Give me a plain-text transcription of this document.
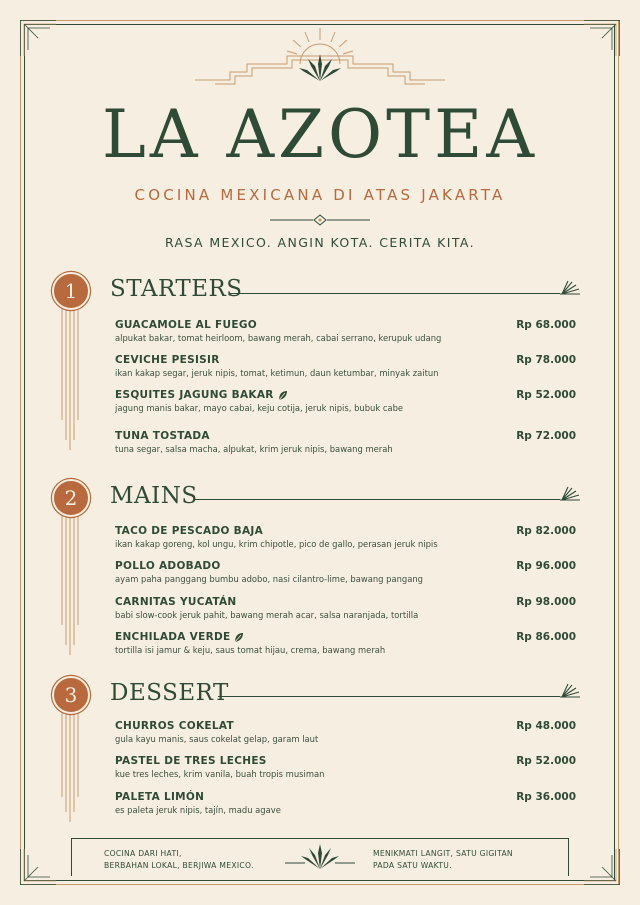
LA AZOTEA
COCINA MEXICANA DI ATAS JAKARTA
RASA MEXICO. ANGIN KOTA. CERITA KITA.
1	STARTERS
GUACAMOLE AL FUEGO	Rp 68.000
alpukat bakar, tomat heirloom, bawang merah, cabai serrano, kerupuk udang
CEVICHE PESISIR	Rp 78.000
ikan kakap segar, jeruk nipis, tomat, ketimun, daun ketumbar, minyak zaitun
ESQUITES JAGUNG BAKAR	Rp 52.000
jagung manis bakar, mayo cabai, keju cotija, jeruk nipis, bubuk cabe
TUNA TOSTADA	Rp 72.000
tuna segar, salsa macha, alpukat, krim jeruk nipis, bawang merah
2	MAINS
TACO DE PESCADO BAJA	Rp 82.000
ikan kakap goreng, kol ungu, krim chipotle, pico de gallo, perasan jeruk nipis
POLLO ADOBADO	Rp 96.000
ayam paha panggang bumbu adobo, nasi cilantro-lime, bawang pangang
CARNITAS YUCATÁN	Rp 98.000
babi slow-cook jeruk pahit, bawang merah acar, salsa naranjada, tortilla
ENCHILADA VERDE	Rp 86.000
tortilla isi jamur & keju, saus tomat hijau, crema, bawang merah
3	DESSERT
CHURROS COKELAT	Rp 48.000
gula kayu manis, saus cokelat gelap, garam laut
PASTEL DE TRES LECHES	Rp 52.000
kue tres leches, krim vanila, buah tropis musiman
PALETA LIMÓN	Rp 36.000
es paleta jeruk nipis, tajín, madu agave
COCINA DARI HATI,
BERBAHAN LOKAL, BERJIWA MEXICO.
MENIKMATI LANGIT, SATU GIGITAN
PADA SATU WAKTU.
